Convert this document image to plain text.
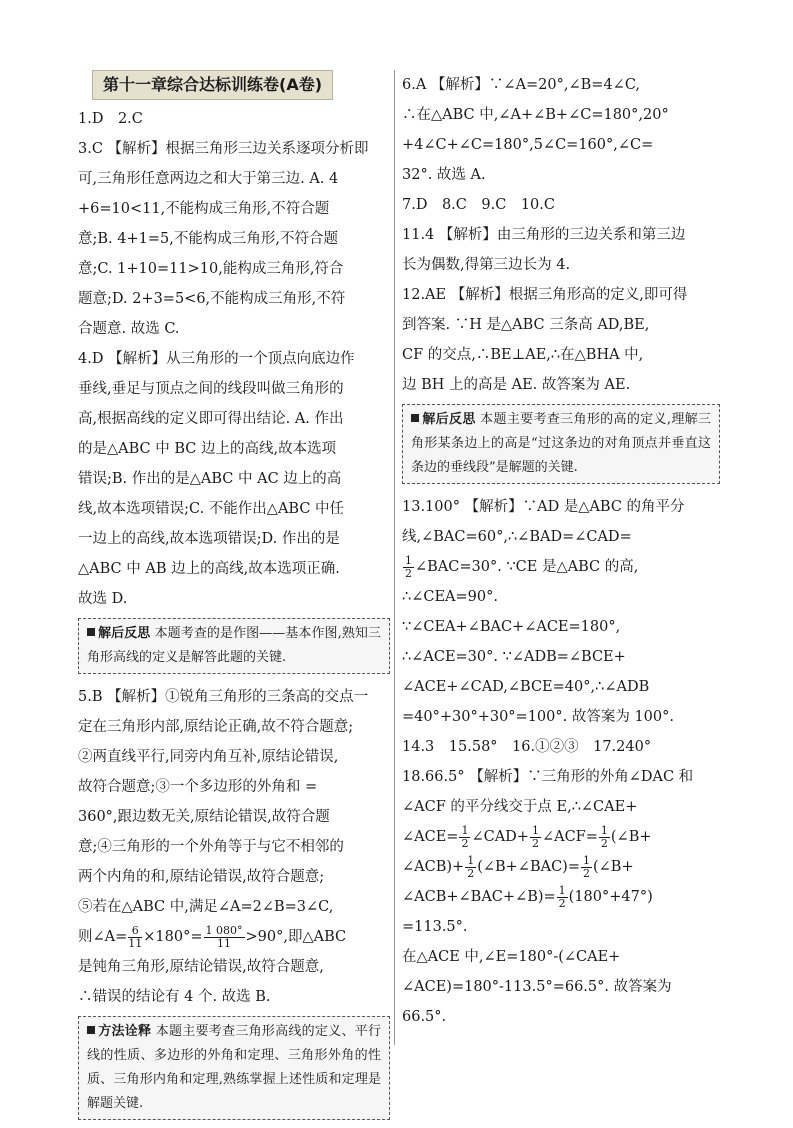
第十一章综合达标训练卷(A卷)
1.D　2.C
3.C 【解析】根据三角形三边关系逐项分析即
可,三角形任意两边之和大于第三边. A. 4
+6=10<11,不能构成三角形,不符合题
意;B. 4+1=5,不能构成三角形,不符合题
意;C. 1+10=11>10,能构成三角形,符合
题意;D. 2+3=5<6,不能构成三角形,不符
合题意. 故选 C.
4.D 【解析】从三角形的一个顶点向底边作
垂线,垂足与顶点之间的线段叫做三角形的
高,根据高线的定义即可得出结论. A. 作出
的是△ABC 中 BC 边上的高线,故本选项
错误;B. 作出的是△ABC 中 AC 边上的高
线,故本选项错误;C. 不能作出△ABC 中任
一边上的高线,故本选项错误;D. 作出的是
△ABC 中 AB 边上的高线,故本选项正确.
故选 D.
解后反思 本题考查的是作图——基本作图,熟知三角形高线的定义是解答此题的关键.
5.B 【解析】①锐角三角形的三条高的交点一
定在三角形内部,原结论正确,故不符合题意;
②两直线平行,同旁内角互补,原结论错误,
故符合题意;③一个多边形的外角和 =
360°,跟边数无关,原结论错误,故符合题
意;④三角形的一个外角等于与它不相邻的
两个内角的和,原结论错误,故符合题意;
⑤若在△ABC 中,满足∠A=2∠B=3∠C,
则∠A= $\frac{6}{11} \times 180^\circ= \frac{1 080^\circ}{11} >90^\circ$,即△ABC
是钝角三角形,原结论错误,故符合题意,
∴错误的结论有 4 个. 故选 B.
方法诠释 本题主要考查三角形高线的定义、平行线的性质、多边形的外角和定理、三角形外角的性质、三角形内角和定理,熟练掌握上述性质和定理是解题关键.
6.A 【解析】∵∠A=20°,∠B=4∠C,
∴在△ABC 中,∠A+∠B+∠C=180°,20°
+4∠C+∠C=180°,5∠C=160°,∠C=
32°. 故选 A.
7.D　8.C　9.C　10.C
11.4 【解析】由三角形的三边关系和第三边
长为偶数,得第三边长为 4.
12.AE 【解析】根据三角形高的定义,即可得
到答案. ∵H 是△ABC 三条高 AD,BE,
CF 的交点,∴BE⊥AE,∴在△BHA 中,
边 BH 上的高是 AE. 故答案为 AE.
解后反思 本题主要考查三角形的高的定义,理解三角形某条边上的高是“过这条边的对角顶点并垂直这条边的垂线段”是解题的关键.
13.100° 【解析】∵AD 是△ABC 的角平分
线,∠BAC=60°,∴∠BAD=∠CAD=
$\frac{1}{2}$ ∠BAC=30°. ∵CE 是△ABC 的高,
∴∠CEA=90°.
∵∠CEA+∠BAC+∠ACE=180°,
∴∠ACE=30°. ∵∠ADB=∠BCE+
∠ACE+∠CAD,∠BCE=40°,∴∠ADB
=40°+30°+30°=100°. 故答案为 100°.
14.3　15.58°　16.①②③　17.240°
18.66.5° 【解析】∵三角形的外角∠DAC 和
∠ACF 的平分线交于点 E,∴∠CAE+
∠ACE= $\frac{1}{2}$ ∠CAD+ $\frac{1}{2}$ ∠ACF= $\frac{1}{2}$ (∠B+
∠ACB)+ $\frac{1}{2}$ (∠B+∠BAC)= $\frac{1}{2}$ (∠B+
∠ACB+∠BAC+∠B)= $\frac{1}{2} (180^\circ+47^\circ)$
=113.5°.
在△ACE 中,∠E=180°-(∠CAE+
∠ACE)=180°-113.5°=66.5°. 故答案为
66.5°.
